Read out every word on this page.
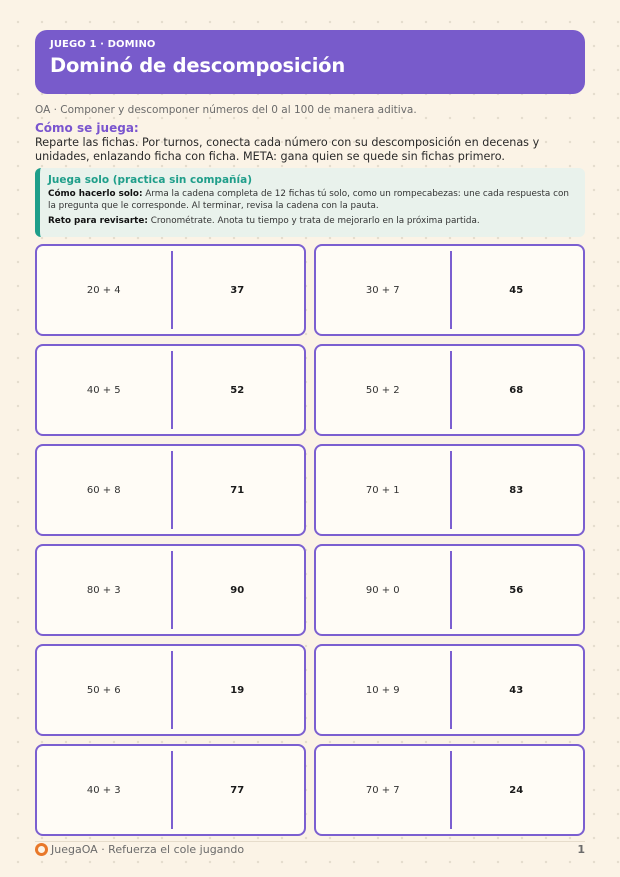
JUEGO 1 · DOMINO
Dominó de descomposición
OA · Componer y descomponer números del 0 al 100 de manera aditiva.
Cómo se juega:
Reparte las fichas. Por turnos, conecta cada número con su descomposición en decenas y unidades, enlazando ficha con ficha. META: gana quien se quede sin fichas primero.
Juega solo (practica sin compañía)

Cómo hacerlo solo: Arma la cadena completa de 12 fichas tú solo, como un rompecabezas: une cada respuesta con la pregunta que le corresponde. Al terminar, revisa la cadena con la pauta.

Reto para revisarte: Cronométrate. Anota tu tiempo y trata de mejorarlo en la próxima partida.

20 + 4	37	30 + 7	45
40 + 5	52	50 + 2	68
60 + 8	71	70 + 1	83
80 + 3	90	90 + 0	56
50 + 6	19	10 + 9	43
40 + 3	77	70 + 7	24
JuegaOA · Refuerza el cole jugando	1
